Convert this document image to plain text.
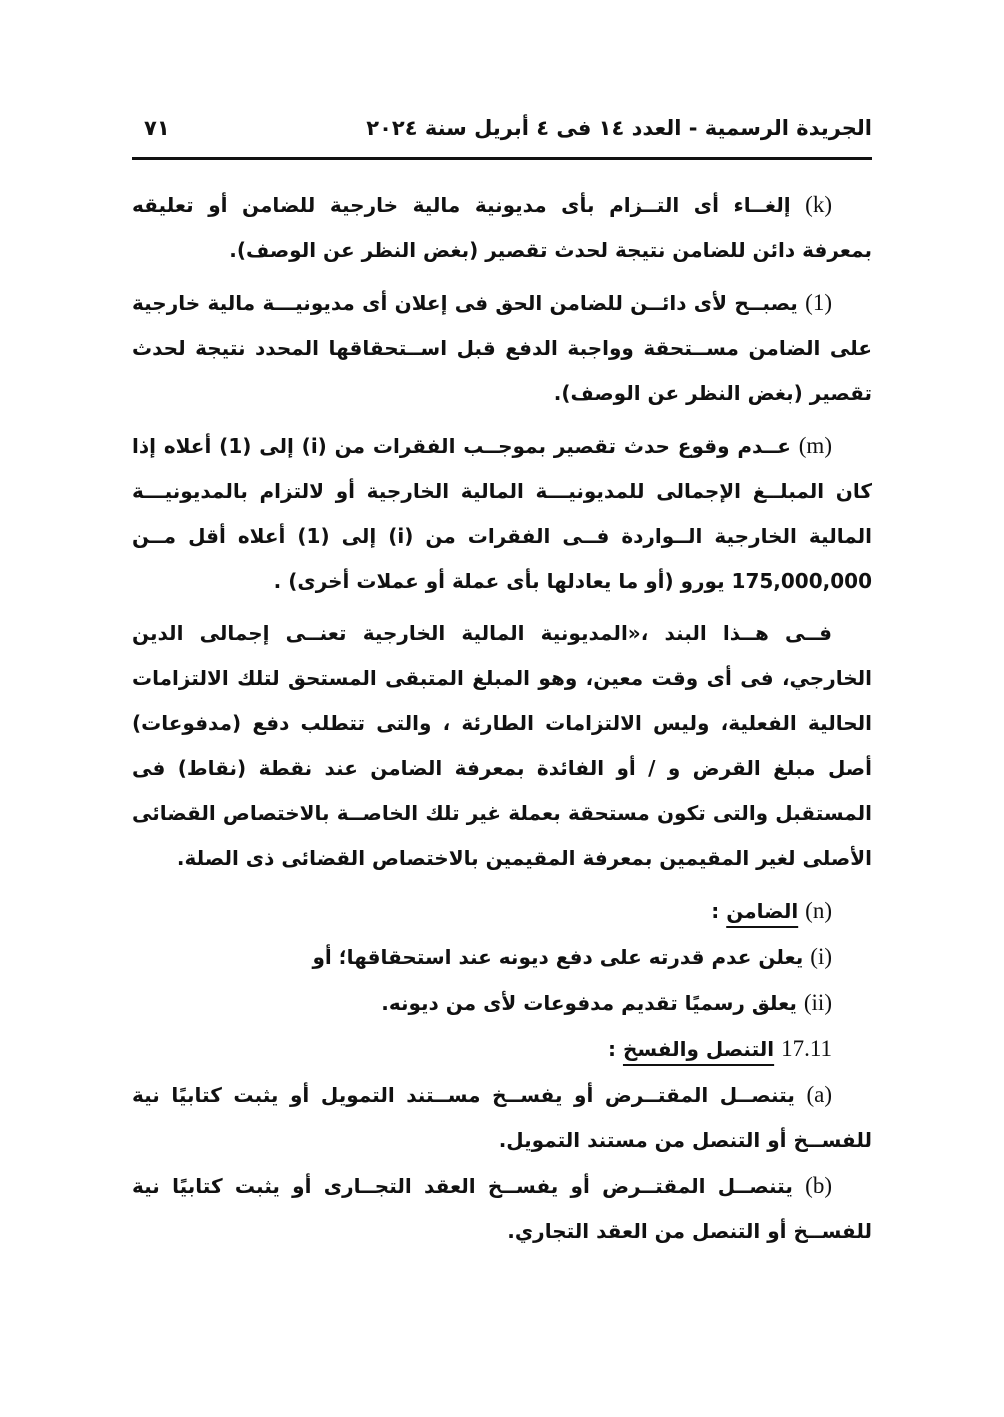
الجريدة الرسمية - العدد ١٤ فى ٤ أبريل سنة ٢٠٢٤
٧١

(k) إلغــاء أى التــزام بأى مديونية مالية خارجية للضامن أو تعليقه بمعرفة دائن للضامن نتيجة لحدث تقصير (بغض النظر عن الوصف).

(1) يصبــح لأى دائــن للضامن الحق فى إعلان أى مديونيـــة مالية خارجية على الضامن مســتحقة وواجبة الدفع قبل اســتحقاقها المحدد نتيجة لحدث تقصير (بغض النظر عن الوصف).

(m) عــدم وقوع حدث تقصير بموجــب الفقرات من (i) إلى (1) أعلاه إذا كان المبلــغ الإجمالى للمديونيـــة المالية الخارجية أو لالتزام بالمديونيـــة المالية الخارجية الــواردة فــى الفقرات من (i) إلى (1) أعلاه أقل مــن 175,000,000 يورو (أو ما يعادلها بأى عملة أو عملات أخرى) .

فــى هــذا البند ،«المديونية المالية الخارجية تعنــى إجمالى الدين الخارجي، فى أى وقت معين، وهو المبلغ المتبقى المستحق لتلك الالتزامات الحالية الفعلية، وليس الالتزامات الطارئة ، والتى تتطلب دفع (مدفوعات) أصل مبلغ القرض و / أو الفائدة بمعرفة الضامن عند نقطة (نقاط) فى المستقبل والتى تكون مستحقة بعملة غير تلك الخاصــة بالاختصاص القضائى الأصلى لغير المقيمين بمعرفة المقيمين بالاختصاص القضائى ذى الصلة.

(n) الضامن :

(i) يعلن عدم قدرته على دفع ديونه عند استحقاقها؛ أو

(ii) يعلق رسميًا تقديم مدفوعات لأى من ديونه.

17.11 التنصل والفسخ :

(a) يتنصــل المقتــرض أو يفســخ مســتند التمويل أو يثبت كتابيًا نية للفســخ أو التنصل من مستند التمويل.

(b) يتنصــل المقتــرض أو يفســخ العقد التجــارى أو يثبت كتابيًا نية للفســخ أو التنصل من العقد التجاري.
